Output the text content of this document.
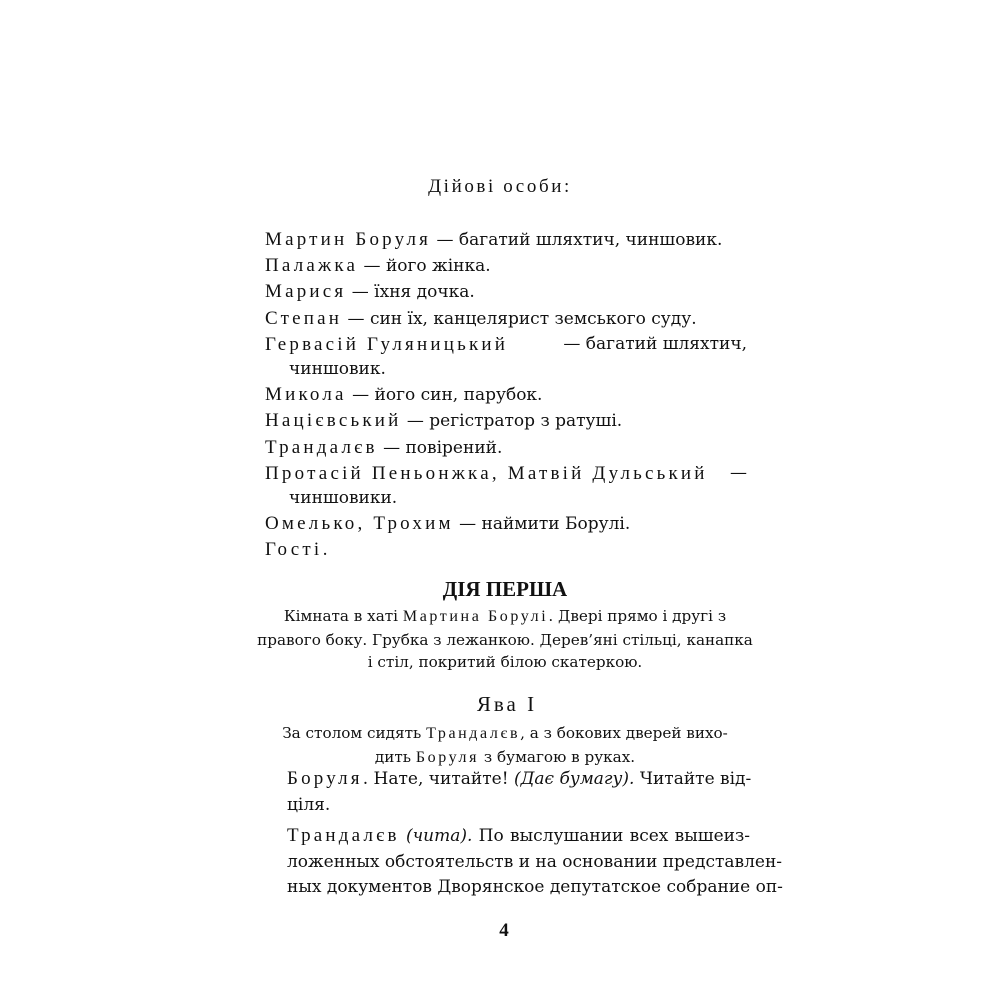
Дійові особи:
Мартин Боруля — багатий шляхтич, чиншовик.
Палажка — його жінка.
Марися — їхня дочка.
Степан — син їх, канцелярист земського суду.
Гервасій Гуляницький	— багатий шляхтич,
чиншовик.
Микола — його син, парубок.
Націєвський — регістратор з ратуші.
Трандалєв — повірений.
Протасій Пеньонжка, Матвій Дульський —
чиншовики.
Омелько, Трохим — наймити Борулі.
Гості.
ДІЯ ПЕРША
Кімната в хаті Мартина Борулі. Двері прямо і другі з
правого боку. Грубка з лежанкою. Дерев’яні стільці, канапка
і стіл, покритий білою скатеркою.
Ява I
За столом сидять Трандалєв, а з бокових дверей вихо-
дить Боруля з бумагою в руках.
Боруля. Нате, читайте! (Дає бумагу). Читайте від-
ціля.
Трандалєв (чита). По выслушании всех вышеиз-
ложенных обстоятельств и на основании представлен-
ных документов Дворянское депутатское собрание оп-
4
